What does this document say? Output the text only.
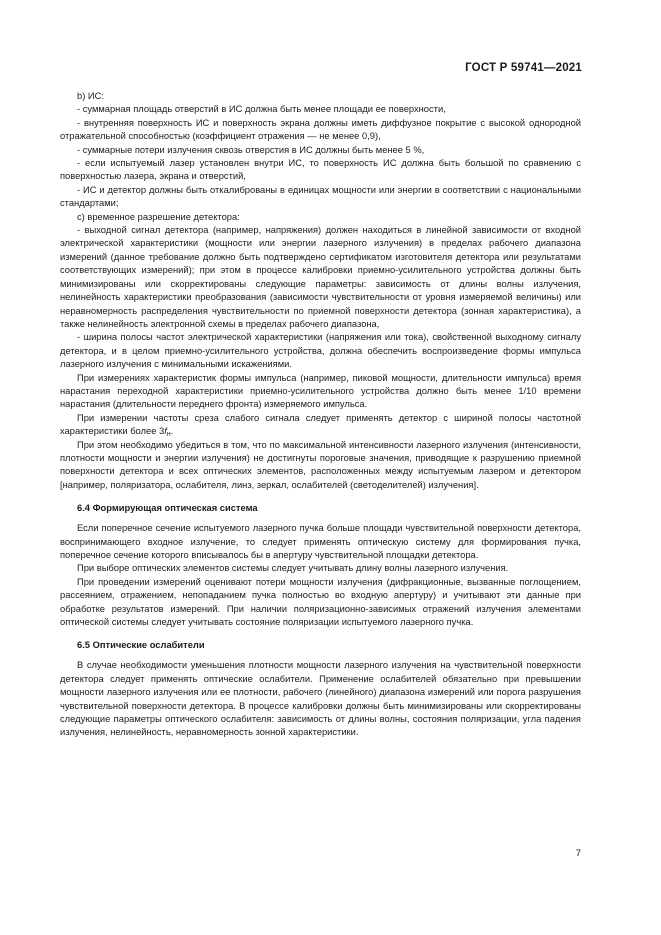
ГОСТ Р 59741—2021

b) ИС:

- суммарная площадь отверстий в ИС должна быть менее площади ее поверхности,

- внутренняя поверхность ИС и поверхность экрана должны иметь диффузное покрытие с высокой однородной отражательной способностью (коэффициент отражения — не менее 0,9),

- суммарные потери излучения сквозь отверстия в ИС должны быть менее 5 %,

- если испытуемый лазер установлен внутри ИС, то поверхность ИС должна быть большой по сравнению с поверхностью лазера, экрана и отверстий,

- ИС и детектор должны быть откалиброваны в единицах мощности или энергии в соответствии с национальными стандартами;

с) временное разрешение детектора:

- выходной сигнал детектора (например, напряжения) должен находиться в линейной зависимости от входной электрической характеристики (мощности или энергии лазерного излучения) в пределах рабочего диапазона измерений (данное требование должно быть подтверждено сертификатом изготовителя детектора или результатами соответствующих измерений); при этом в процессе калибровки приемно-усилительного устройства должны быть минимизированы или скорректированы следующие параметры: зависимость от длины волны излучения, нелинейность характеристики преобразования (зависимости чувствительности от уровня измеряемой величины) или неравномерность распределения чувствительности по приемной поверхности детектора (зонная характеристика), а также нелинейность электронной схемы в пределах рабочего диапазона,

- ширина полосы частот электрической характеристики (напряжения или тока), свойственной выходному сигналу детектора, и в целом приемно-усилительного устройства, должна обеспечить воспроизведение формы импульса лазерного излучения с минимальными искажениями.

При измерениях характеристик формы импульса (например, пиковой мощности, длительности импульса) время нарастания переходной характеристики приемно-усилительного устройства должно быть менее 1/10 времени нарастания (длительности переднего фронта) измеряемого импульса.

При измерении частоты среза слабого сигнала следует применять детектор с шириной полосы частотной характеристики более $3f_н$.

При этом необходимо убедиться в том, что по максимальной интенсивности лазерного излучения (интенсивности, плотности мощности и энергии излучения) не достигнуты пороговые значения, приводящие к разрушению приемной поверхности детектора и всех оптических элементов, расположенных между испытуемым лазером и детектором [например, поляризатора, ослабителя, линз, зеркал, ослабителей (светоделителей) излучения].

6.4 Формирующая оптическая система

Если поперечное сечение испытуемого лазерного пучка больше площади чувствительной поверхности детектора, воспринимающего входное излучение, то следует применять оптическую систему для формирования пучка, поперечное сечение которого вписывалось бы в апертуру чувствительной площадки детектора.

При выборе оптических элементов системы следует учитывать длину волны лазерного излучения.

При проведении измерений оценивают потери мощности излучения (дифракционные, вызванные поглощением, рассеянием, отражением, непопаданием пучка полностью во входную апертуру) и учитывают эти данные при обработке результатов измерений. При наличии поляризационно-зависимых отражений излучения элементами оптической системы следует учитывать состояние поляризации испытуемого лазерного пучка.

6.5 Оптические ослабители

В случае необходимости уменьшения плотности мощности лазерного излучения на чувствительной поверхности детектора следует применять оптические ослабители. Применение ослабителей обязательно при превышении мощности лазерного излучения или ее плотности, рабочего (линейного) диапазона измерений или порога разрушения чувствительной поверхности детектора. В процессе калибровки должны быть минимизированы или скорректированы следующие параметры оптического ослабителя: зависимость от длины волны, состояния поляризации, угла падения излучения, нелинейность, неравномерность зонной характеристики.

7
